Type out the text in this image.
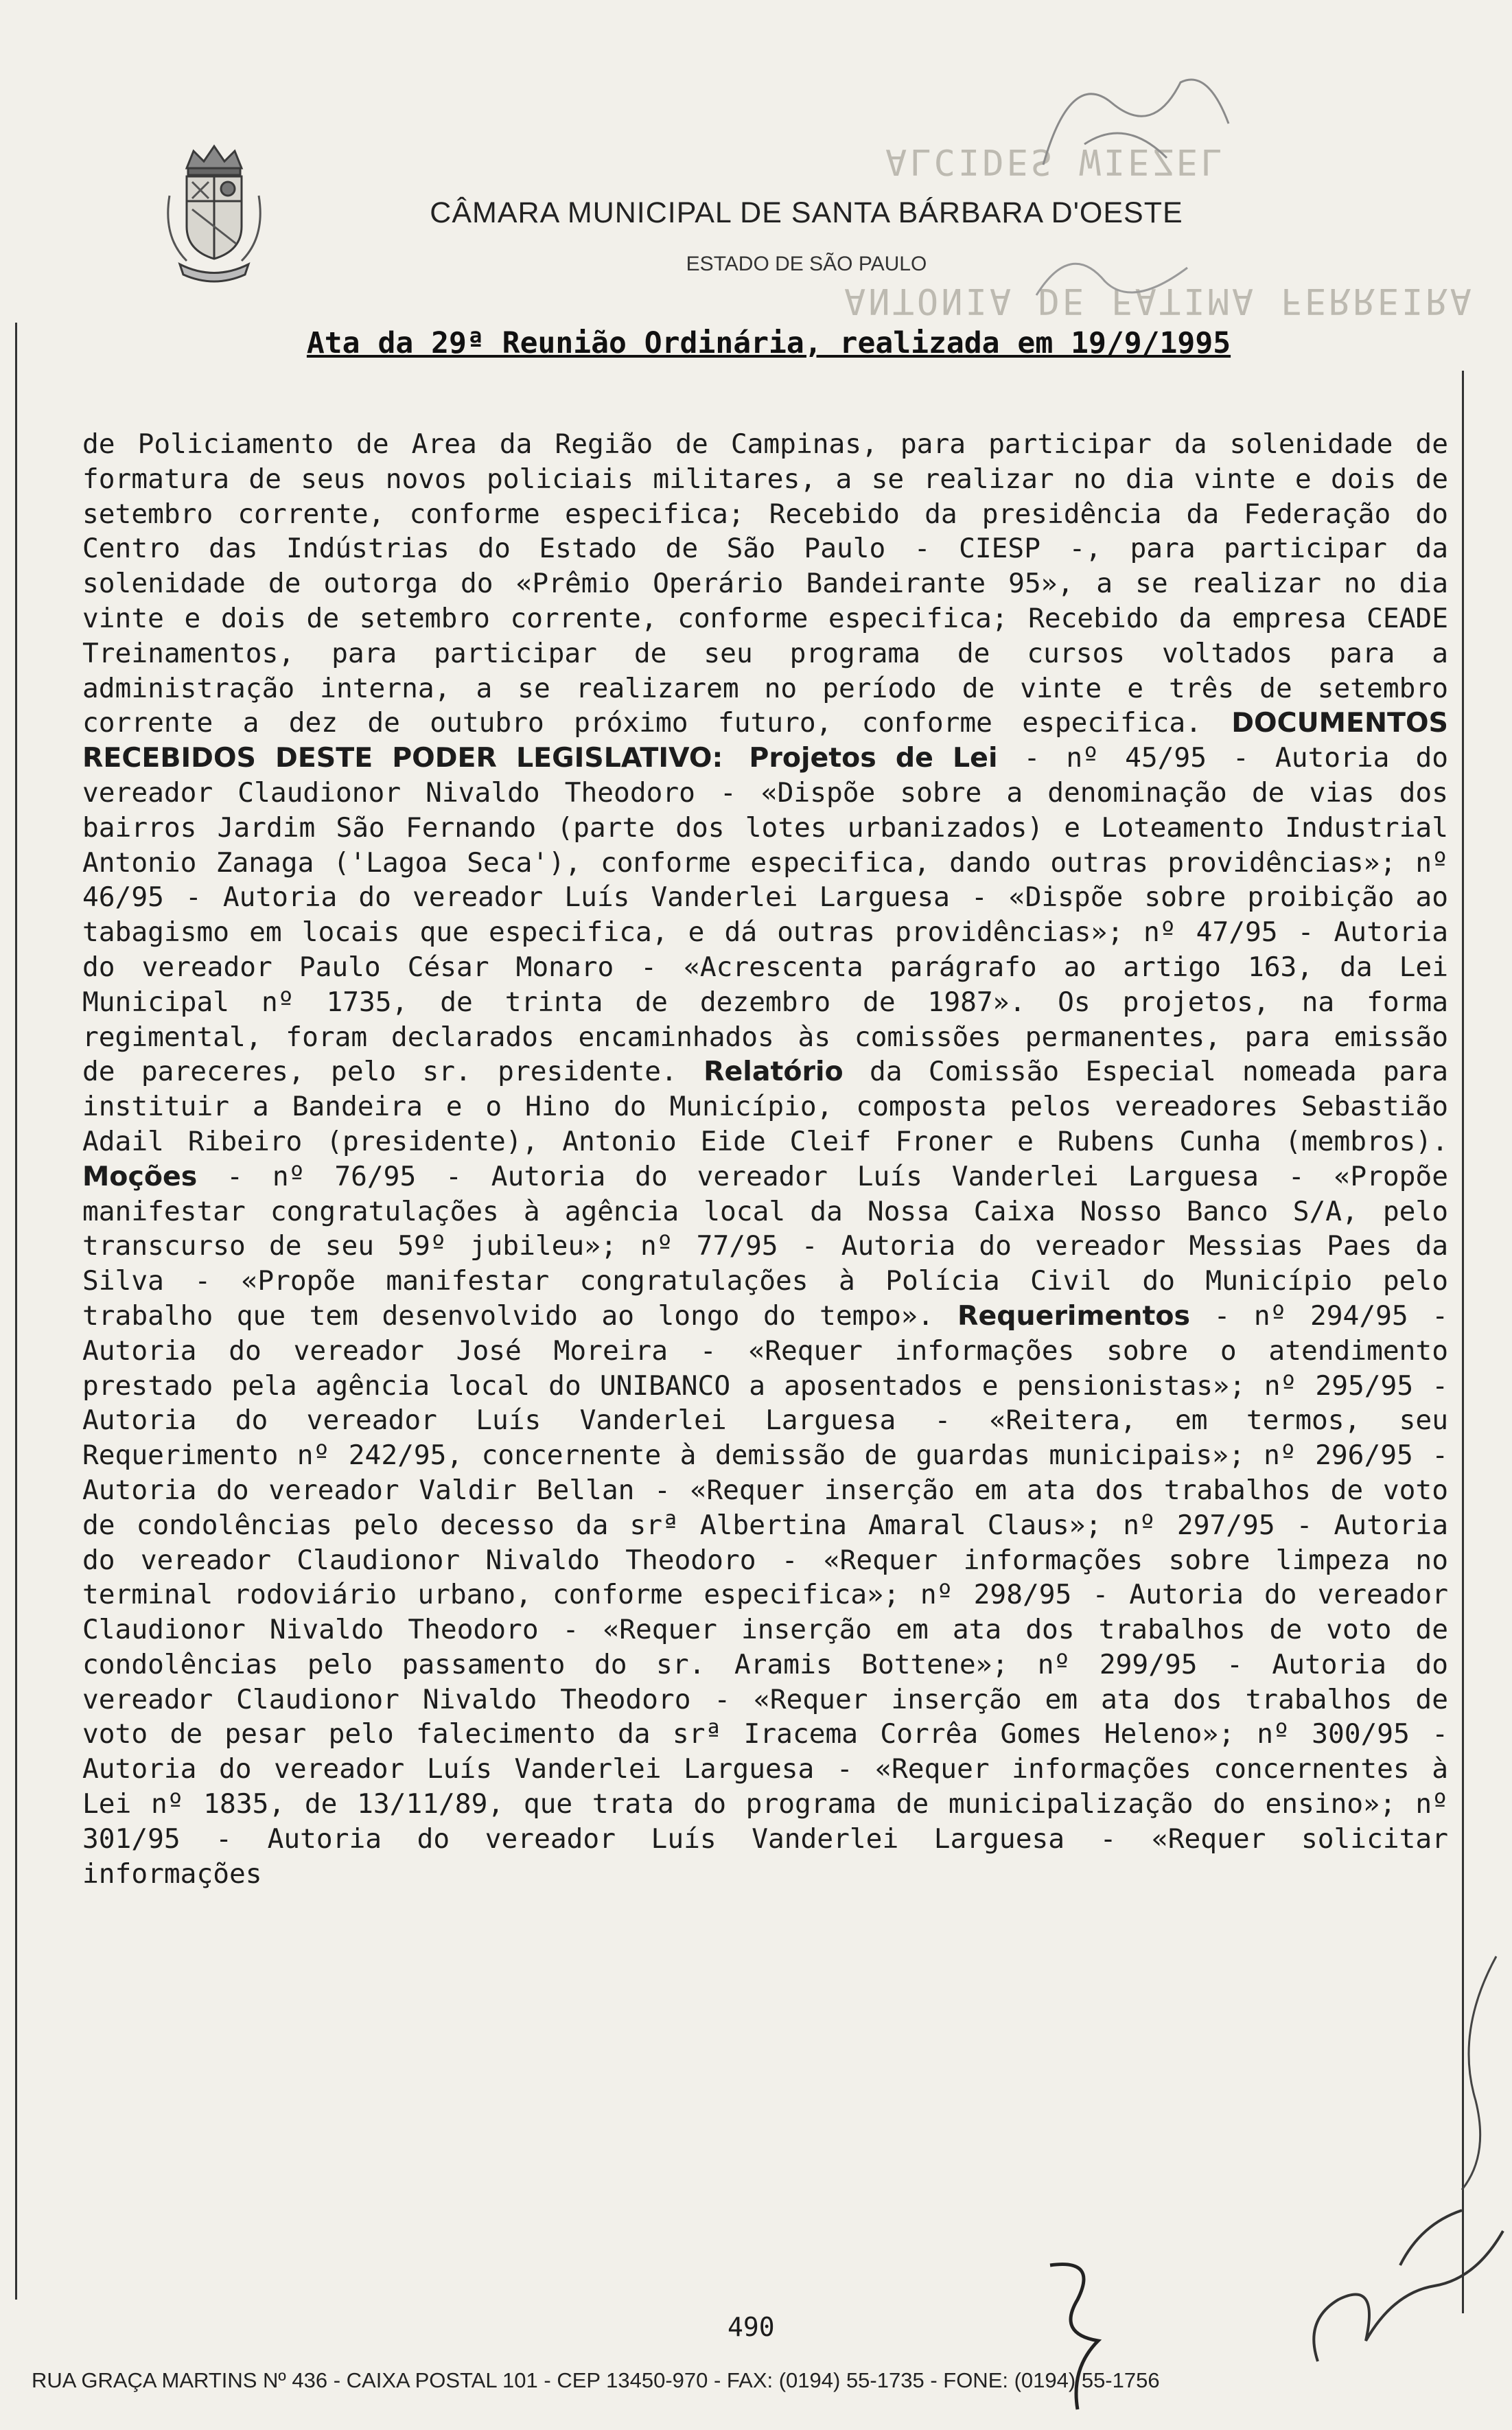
ALCIDES WIEZEL
ANTONIA DE FATIMA FERREIRA
CÂMARA MUNICIPAL DE SANTA BÁRBARA D'OESTE
ESTADO DE SÃO PAULO
Ata da 29ª Reunião Ordinária, realizada em 19/9/1995
de Policiamento de Area da Região de Campinas, para participar da solenidade de formatura de seus novos policiais militares, a se realizar no dia vinte e dois de setembro corrente, conforme especifica; Recebido da presidência da Federação do Centro das Indústrias do Estado de São Paulo - CIESP -, para participar da solenidade de outorga do «Prêmio Operário Bandeirante 95», a se realizar no dia vinte e dois de setembro corrente, conforme especifica; Recebido da empresa CEADE Treinamentos, para participar de seu programa de cursos voltados para a administração interna, a se realizarem no período de vinte e três de setembro corrente a dez de outubro próximo futuro, conforme especifica. DOCUMENTOS RECEBIDOS DESTE PODER LEGISLATIVO: Projetos de Lei - nº 45/95 - Autoria do vereador Claudionor Nivaldo Theodoro - «Dispõe sobre a denominação de vias dos bairros Jardim São Fernando (parte dos lotes urbanizados) e Loteamento Industrial Antonio Zanaga ('Lagoa Seca'), conforme especifica, dando outras providências»; nº 46/95 - Autoria do vereador Luís Vanderlei Larguesa - «Dispõe sobre proibição ao tabagismo em locais que especifica, e dá outras providências»; nº 47/95 - Autoria do vereador Paulo César Monaro - «Acrescenta parágrafo ao artigo 163, da Lei Municipal nº 1735, de trinta de dezembro de 1987». Os projetos, na forma regimental, foram declarados encaminhados às comissões permanentes, para emissão de pareceres, pelo sr. presidente. Relatório da Comissão Especial nomeada para instituir a Bandeira e o Hino do Município, composta pelos vereadores Sebastião Adail Ribeiro (presidente), Antonio Eide Cleif Froner e Rubens Cunha (membros). Moções - nº 76/95 - Autoria do vereador Luís Vanderlei Larguesa - «Propõe manifestar congratulações à agência local da Nossa Caixa Nosso Banco S/A, pelo transcurso de seu 59º jubileu»; nº 77/95 - Autoria do vereador Messias Paes da Silva - «Propõe manifestar congratulações à Polícia Civil do Município pelo trabalho que tem desenvolvido ao longo do tempo». Requerimentos - nº 294/95 - Autoria do vereador José Moreira - «Requer informações sobre o atendimento prestado pela agência local do UNIBANCO a aposentados e pensionistas»; nº 295/95 - Autoria do vereador Luís Vanderlei Larguesa - «Reitera, em termos, seu Requerimento nº 242/95, concernente à demissão de guardas municipais»; nº 296/95 - Autoria do vereador Valdir Bellan - «Requer inserção em ata dos trabalhos de voto de condolências pelo decesso da srª Albertina Amaral Claus»; nº 297/95 - Autoria do vereador Claudionor Nivaldo Theodoro - «Requer informações sobre limpeza no terminal rodoviário urbano, conforme especifica»; nº 298/95 - Autoria do vereador Claudionor Nivaldo Theodoro - «Requer inserção em ata dos trabalhos de voto de condolências pelo passamento do sr. Aramis Bottene»; nº 299/95 - Autoria do vereador Claudionor Nivaldo Theodoro - «Requer inserção em ata dos trabalhos de voto de pesar pelo falecimento da srª Iracema Corrêa Gomes Heleno»; nº 300/95 - Autoria do vereador Luís Vanderlei Larguesa - «Requer informações concernentes à Lei nº 1835, de 13/11/89, que trata do programa de municipalização do ensino»; nº 301/95 - Autoria do vereador Luís Vanderlei Larguesa - «Requer solicitar informações
490
RUA GRAÇA MARTINS Nº 436 - CAIXA POSTAL 101 - CEP 13450-970 - FAX: (0194) 55-1735 - FONE: (0194) 55-1756
